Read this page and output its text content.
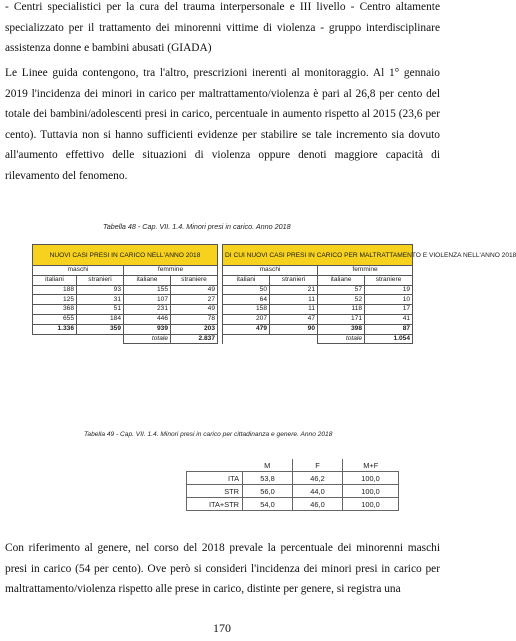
- Centri specialistici per la cura del trauma interpersonale e III livello - Centro altamente specializzato per il trattamento dei minorenni vittime di violenza - gruppo interdisciplinare assistenza donne e bambini abusati (GIADA)
Le Linee guida contengono, tra l'altro, prescrizioni inerenti al monitoraggio. Al 1° gennaio 2019 l'incidenza dei minori in carico per maltrattamento/violenza è pari al 26,8 per cento del totale dei bambini/adolescenti presi in carico, percentuale in aumento rispetto al 2015 (23,6 per cento). Tuttavia non si hanno sufficienti evidenze per stabilire se tale incremento sia dovuto all'aumento effettivo delle situazioni di violenza oppure denoti maggiore capacità di rilevamento del fenomeno.
Tabella 48 - Cap. VII. 1.4. Minori presi in carico. Anno 2018
NUOVI CASI PRESI IN CARICO NELL'ANNO 2018					DI CUI NUOVI CASI PRESI IN CARICO PER MALTRATTAMENTO E VIOLENZA NELL'ANNO 2018			
maschi		femmine			maschi		femmine	
italiani	stranieri	italiane	straniere		italiani	stranieri	italiane	straniere
188	93	155	49		50	21	57	19
125	31	107	27		64	11	52	10
368	51	231	49		158	11	118	17
655	184	446	78		207	47	171	41
1.336	359	939	203		479	90	398	87
		totale	2.837				totale	1.054
Tabella 49 - Cap. VII. 1.4. Minori presi in carico per cittadinanza e genere. Anno 2018
	M	F	M+F
ITA	53,8	46,2	100,0
STR	56,0	44,0	100,0
ITA+STR	54,0	46,0	100,0
Con riferimento al genere, nel corso del 2018 prevale la percentuale dei minorenni maschi presi in carico (54 per cento). Ove però si consideri l'incidenza dei minori presi in carico per maltrattamento/violenza rispetto alle prese in carico, distinte per genere, si registra una
170
